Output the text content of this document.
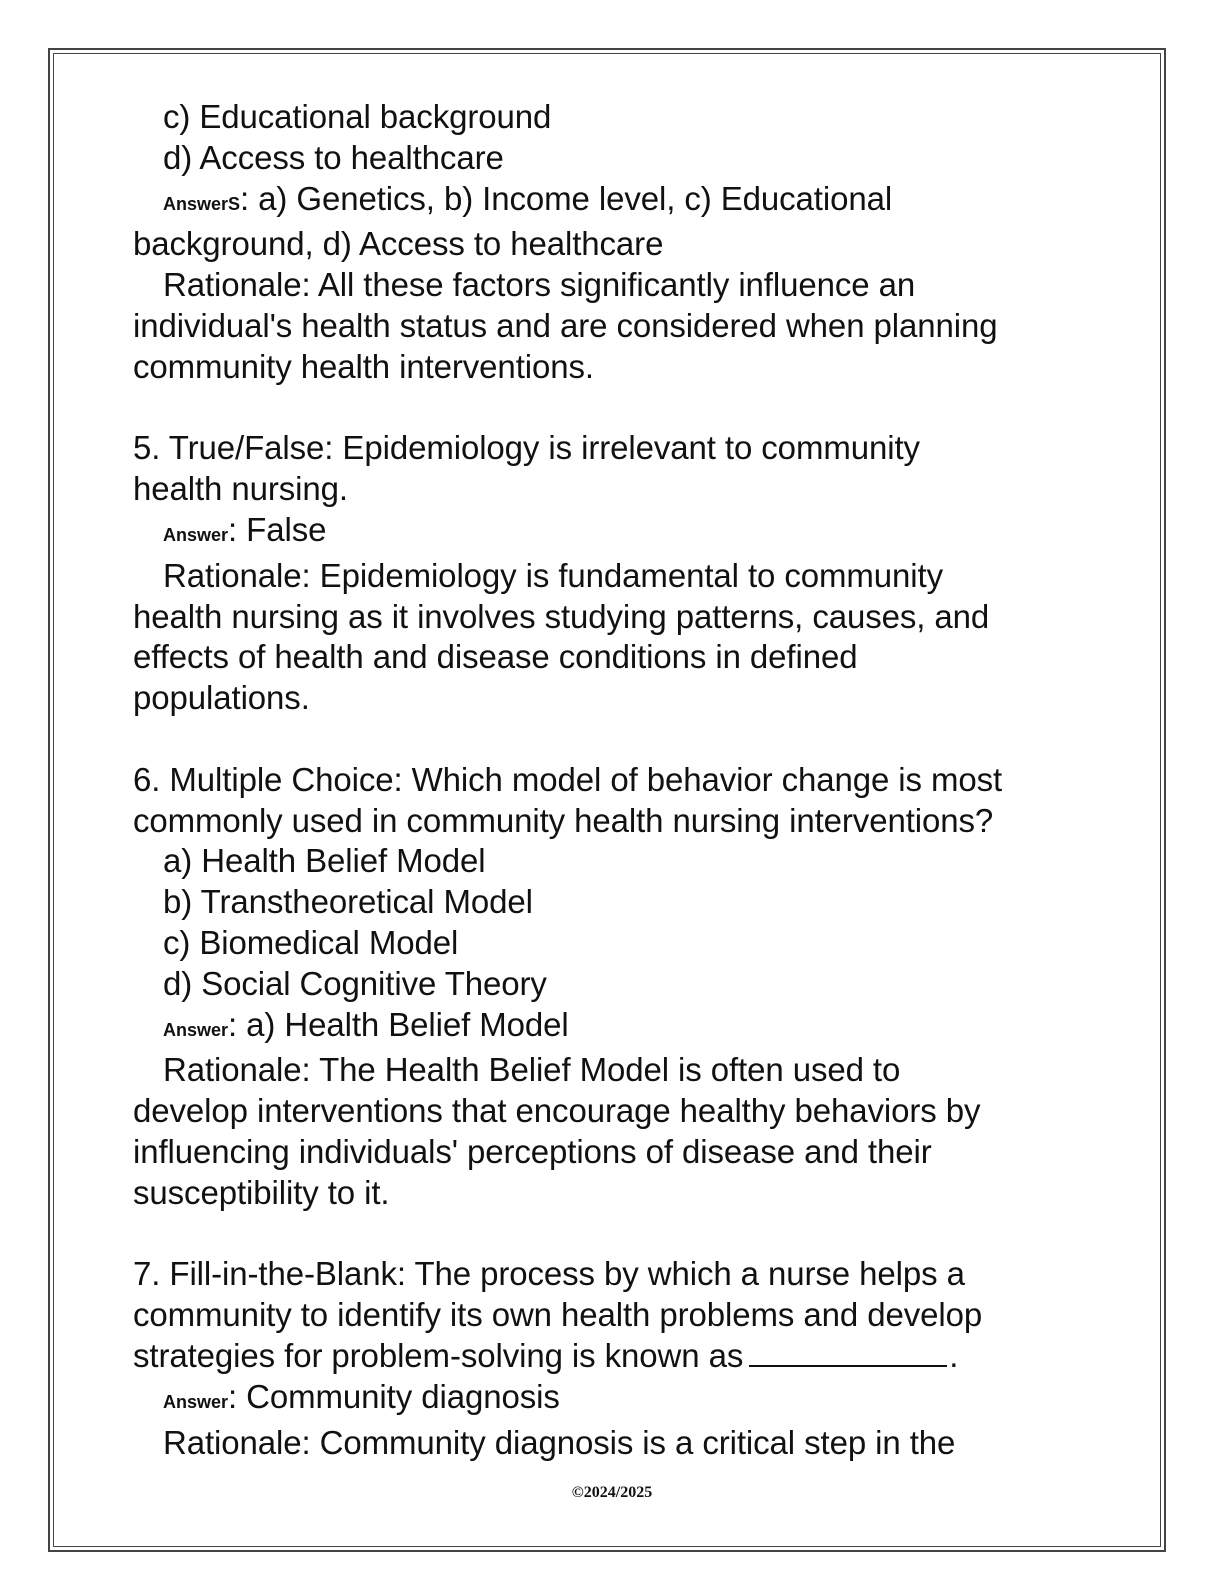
c) Educational background
d) Access to healthcare
AnswerS: a) Genetics, b) Income level, c) Educational
background, d) Access to healthcare
Rationale: All these factors significantly influence an
individual's health status and are considered when planning
community health interventions.
5. True/False: Epidemiology is irrelevant to community
health nursing.
Answer: False
Rationale: Epidemiology is fundamental to community
health nursing as it involves studying patterns, causes, and
effects of health and disease conditions in defined
populations.
6. Multiple Choice: Which model of behavior change is most
commonly used in community health nursing interventions?
a) Health Belief Model
b) Transtheoretical Model
c) Biomedical Model
d) Social Cognitive Theory
Answer: a) Health Belief Model
Rationale: The Health Belief Model is often used to
develop interventions that encourage healthy behaviors by
influencing individuals' perceptions of disease and their
susceptibility to it.
7. Fill-in-the-Blank: The process by which a nurse helps a
community to identify its own health problems and develop
strategies for problem-solving is known as	.
Answer: Community diagnosis
Rationale: Community diagnosis is a critical step in the
©2024/2025
